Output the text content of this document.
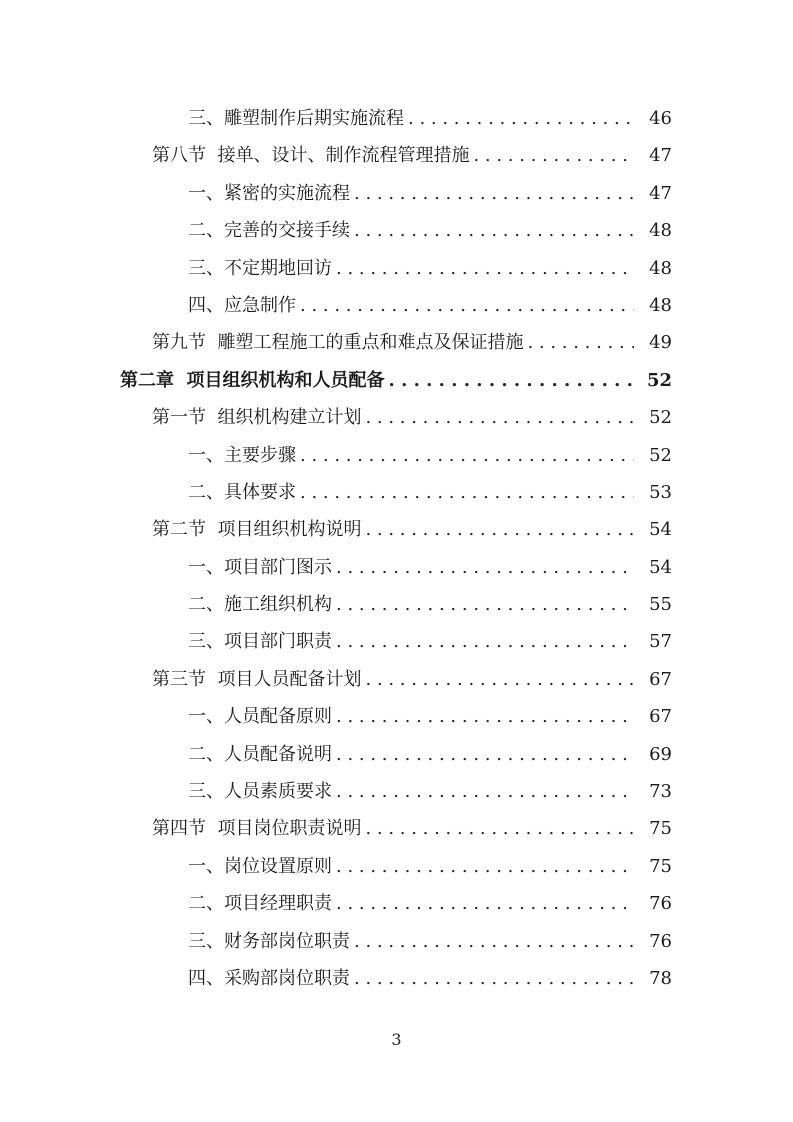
三、雕塑制作后期实施流程 . . .	46
第八节  接单、设计、制作流程管理措施 . . .	47
一、紧密的实施流程 . . .	47
二、完善的交接手续 . . .	48
三、不定期地回访 . . .	48
四、应急制作 . . .	48
第九节  雕塑工程施工的重点和难点及保证措施 . . .	49
第二章  项目组织机构和人员配备 . . .	52
第一节  组织机构建立计划 . . .	52
一、主要步骤 . . .	52
二、具体要求 . . .	53
第二节  项目组织机构说明 . . .	54
一、项目部门图示 . . .	54
二、施工组织机构 . . .	55
三、项目部门职责 . . .	57
第三节  项目人员配备计划 . . .	67
一、人员配备原则 . . .	67
二、人员配备说明 . . .	69
三、人员素质要求 . . .	73
第四节  项目岗位职责说明 . . .	75
一、岗位设置原则 . . .	75
二、项目经理职责 . . .	76
三、财务部岗位职责 . . .	76
四、采购部岗位职责 . . .	78
3
